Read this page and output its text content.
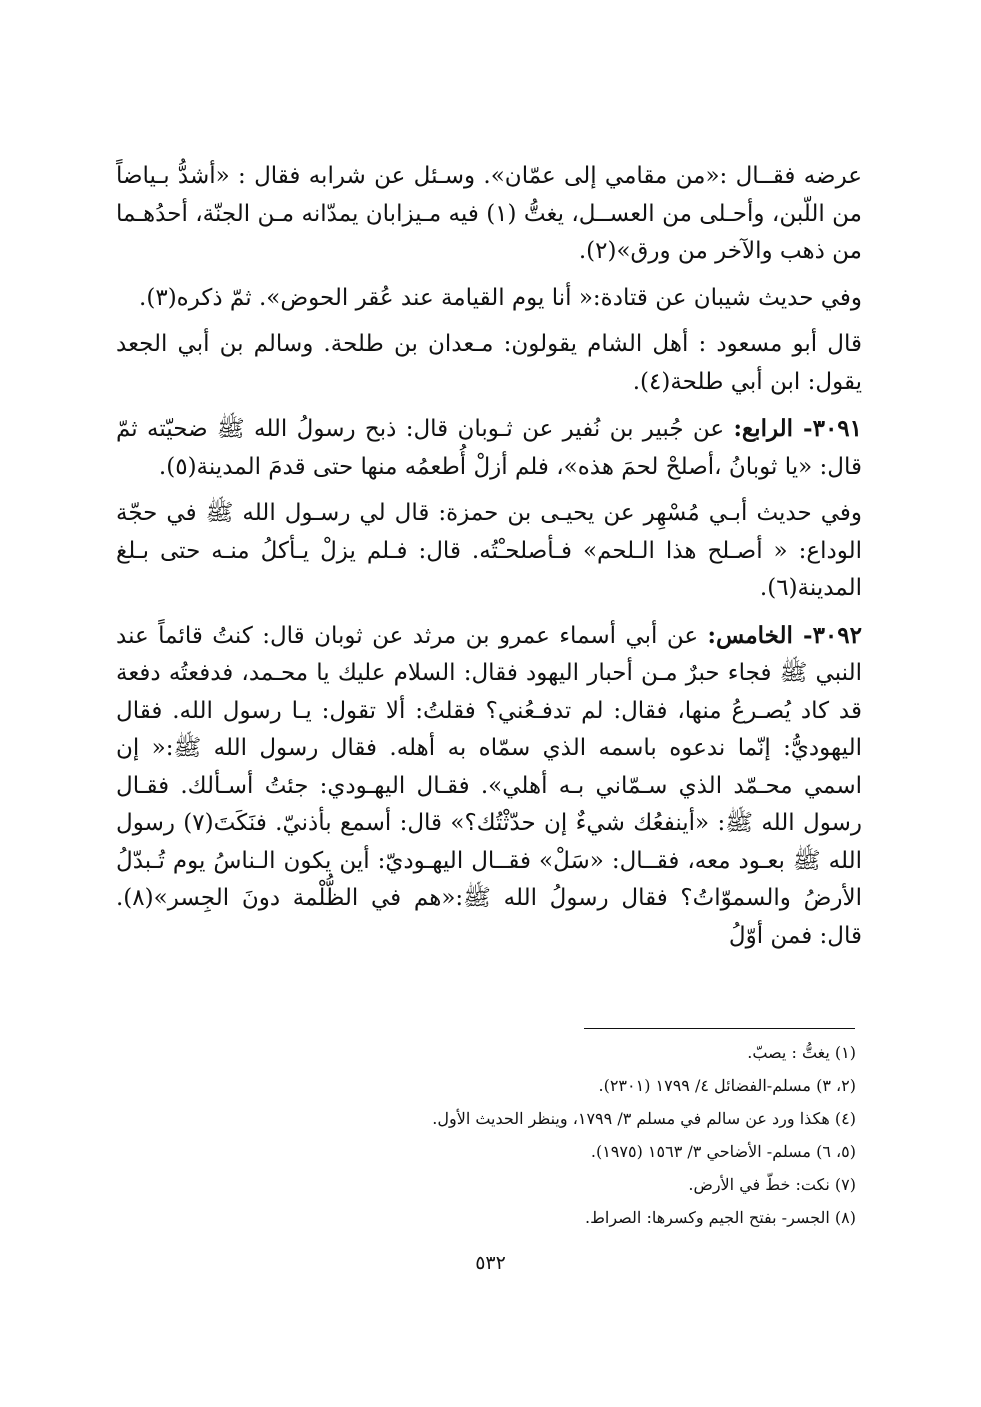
عرضه فقــال :«من مقامي إلى عمّان». وسـئل عن شرابه فقال : «أشدُّ بـياضاً من اللّبن، وأحـلى من العســل، يغتُّ (١) فيه مـيزابان يمدّانه مـن الجنّة، أحدُهـما من ذهب والآخر من ورق»(٢).

وفي حديث شيبان عن قتادة:« أنا يوم القيامة عند عُقر الحوض». ثمّ ذكره(٣).

قال أبو مسعود : أهل الشام يقولون: مـعدان بن طلحة. وسالم بن أبي الجعد يقول: ابن أبي طلحة(٤).

٣٠٩١- الرابع: عن جُبير بن نُفير عن ثـوبان قال: ذبح رسولُ الله ﷺ ضحيّته ثمّ قال: «يا ثوبانُ ،أصلحْ لحمَ هذه»، فلم أزلْ أُطعمُه منها حتى قدمَ المدينة(٥).

وفي حديث أبـي مُسْهِر عن يحيـى بن حمزة: قال لي رسـول الله ﷺ في حجّة الوداع: « أصـلح هذا الـلحم» فـأصلحـْتُه. قال: فـلم يزلْ يـأكلُ منـه حتى بـلغ المدينة(٦).

٣٠٩٢- الخامس: عن أبي أسماء عمرو بن مرثد عن ثوبان قال: كنتُ قائماً عند النبي ﷺ فجاء حبرٌ مـن أحبار اليهود فقال: السلام عليك يا محـمد، فدفعتُه دفعة قد كاد يُصـرعُ منها، فقال: لم تدفـعُني؟ فقلتُ: ألا تقول: يـا رسول الله. فقال اليهوديُّ: إنّما ندعوه باسمه الذي سمّاه به أهله. فقال رسول الله ﷺ:« إن اسمي محـمّد الذي سـمّاني بـه أهلي». فقـال اليهـودي: جئتُ أسـألك. فقـال رسول الله ﷺ: «أينفعُك شيءٌ إن حدّثْتُك؟» قال: أسمع بأذنيّ. فنَكَتَ(٧) رسول الله ﷺ بعـود معه، فقــال: «سَلْ» فقــال اليهـوديّ: أين يكون الـناسُ يوم تُـبدّلُ الأرضُ والسموّاتُ؟ فقال رسولُ الله ﷺ:«هم في الظُّلْمة دونَ الجِسر»(٨). قال: فمن أوّلُ

(١) يغتُّ : يصبّ.
(٢، ٣) مسلم-الفضائل ٤/ ١٧٩٩ (٢٣٠١).
(٤) هكذا ورد عن سالم في مسلم ٣/ ١٧٩٩، وينظر الحديث الأول.
(٥، ٦) مسلم- الأضاحي ٣/ ١٥٦٣ (١٩٧٥).
(٧) نكت: خطّ في الأرض.
(٨) الجسر- بفتح الجيم وكسرها: الصراط.
٥٣٢
